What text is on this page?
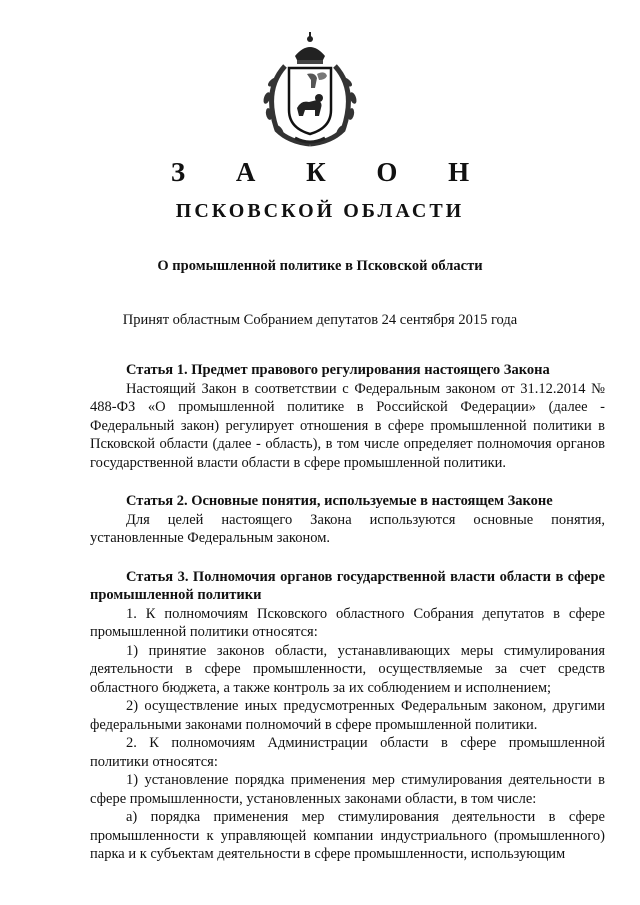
З А К О Н
ПСКОВСКОЙ ОБЛАСТИ
О промышленной политике в Псковской области
Принят областным Собранием депутатов 24 сентября 2015 года
Статья 1. Предмет правового регулирования настоящего Закона

Настоящий Закон в соответствии с Федеральным законом от 31.12.2014 № 488-ФЗ «О промышленной политике в Российской Федерации» (далее - Федеральный закон) регулирует отношения в сфере промышленной политики в Псковской области (далее - область), в том числе определяет полномочия органов государственной власти области в сфере промышленной политики.

Статья 2. Основные понятия, используемые в настоящем Законе

Для целей настоящего Закона используются основные понятия, установленные Федеральным законом.

Статья 3. Полномочия органов государственной власти области в сфере промышленной политики

1. К полномочиям Псковского областного Собрания депутатов в сфере промышленной политики относятся:

1) принятие законов области, устанавливающих меры стимулирования деятельности в сфере промышленности, осуществляемые за счет средств областного бюджета, а также контроль за их соблюдением и исполнением;

2) осуществление иных предусмотренных Федеральным законом, другими федеральными законами полномочий в сфере промышленной политики.

2. К полномочиям Администрации области в сфере промышленной политики относятся:

1) установление порядка применения мер стимулирования деятельности в сфере промышленности, установленных законами области, в том числе:

а) порядка применения мер стимулирования деятельности в сфере промышленности к управляющей компании индустриального (промышленного) парка и к субъектам деятельности в сфере промышленности, использующим
